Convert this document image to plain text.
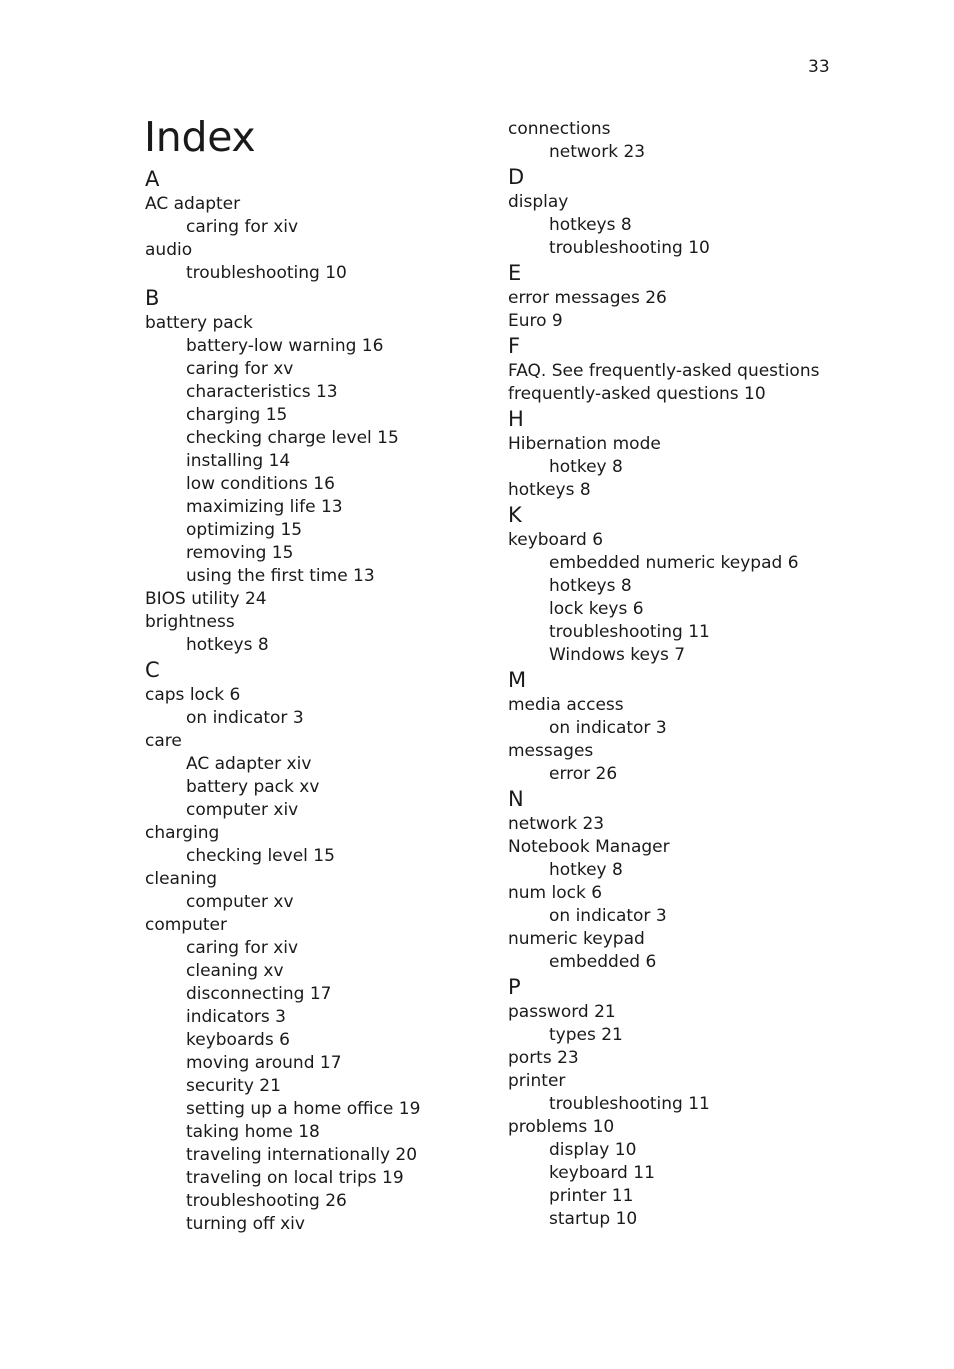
33
Index
A
AC adapter
caring for xiv
audio
troubleshooting 10
B
battery pack
battery-low warning 16
caring for xv
characteristics 13
charging 15
checking charge level 15
installing 14
low conditions 16
maximizing life 13
optimizing 15
removing 15
using the first time 13
BIOS utility 24
brightness
hotkeys 8
C
caps lock 6
on indicator 3
care
AC adapter xiv
battery pack xv
computer xiv
charging
checking level 15
cleaning
computer xv
computer
caring for xiv
cleaning xv
disconnecting 17
indicators 3
keyboards 6
moving around 17
security 21
setting up a home office 19
taking home 18
traveling internationally 20
traveling on local trips 19
troubleshooting 26
turning off xiv
connections
network 23
D
display
hotkeys 8
troubleshooting 10
E
error messages 26
Euro 9
F
FAQ. See frequently-asked questions
frequently-asked questions 10
H
Hibernation mode
hotkey 8
hotkeys 8
K
keyboard 6
embedded numeric keypad 6
hotkeys 8
lock keys 6
troubleshooting 11
Windows keys 7
M
media access
on indicator 3
messages
error 26
N
network 23
Notebook Manager
hotkey 8
num lock 6
on indicator 3
numeric keypad
embedded 6
P
password 21
types 21
ports 23
printer
troubleshooting 11
problems 10
display 10
keyboard 11
printer 11
startup 10
